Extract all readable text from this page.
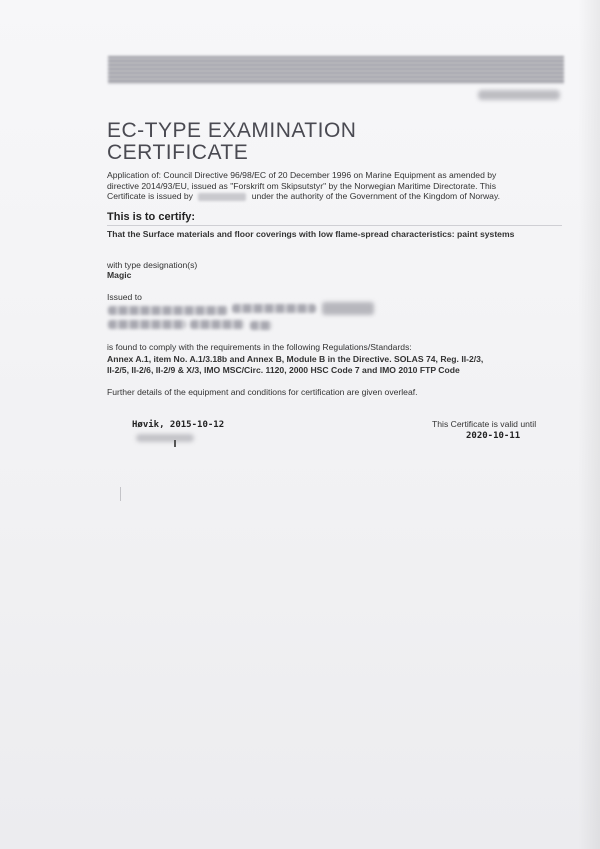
EC-TYPE EXAMINATION
CERTIFICATE
Application of: Council Directive 96/98/EC of 20 December 1996 on Marine Equipment as amended by
directive 2014/93/EU, issued as "Forskrift om Skipsutstyr" by the Norwegian Maritime Directorate. This
Certificate is issued by	under the authority of the Government of the Kingdom of Norway.
This is to certify:
That the Surface materials and floor coverings with low flame-spread characteristics: paint systems
with type designation(s)
Magic
Issued to
is found to comply with the requirements in the following Regulations/Standards:
Annex A.1, item No. A.1/3.18b and Annex B, Module B in the Directive. SOLAS 74, Reg. II-2/3,
II-2/5, II-2/6, II-2/9 & X/3, IMO MSC/Circ. 1120, 2000 HSC Code 7 and IMO 2010 FTP Code
Further details of the equipment and conditions for certification are given overleaf.
Høvik, 2015-10-12	This Certificate is valid until
2020-10-11
